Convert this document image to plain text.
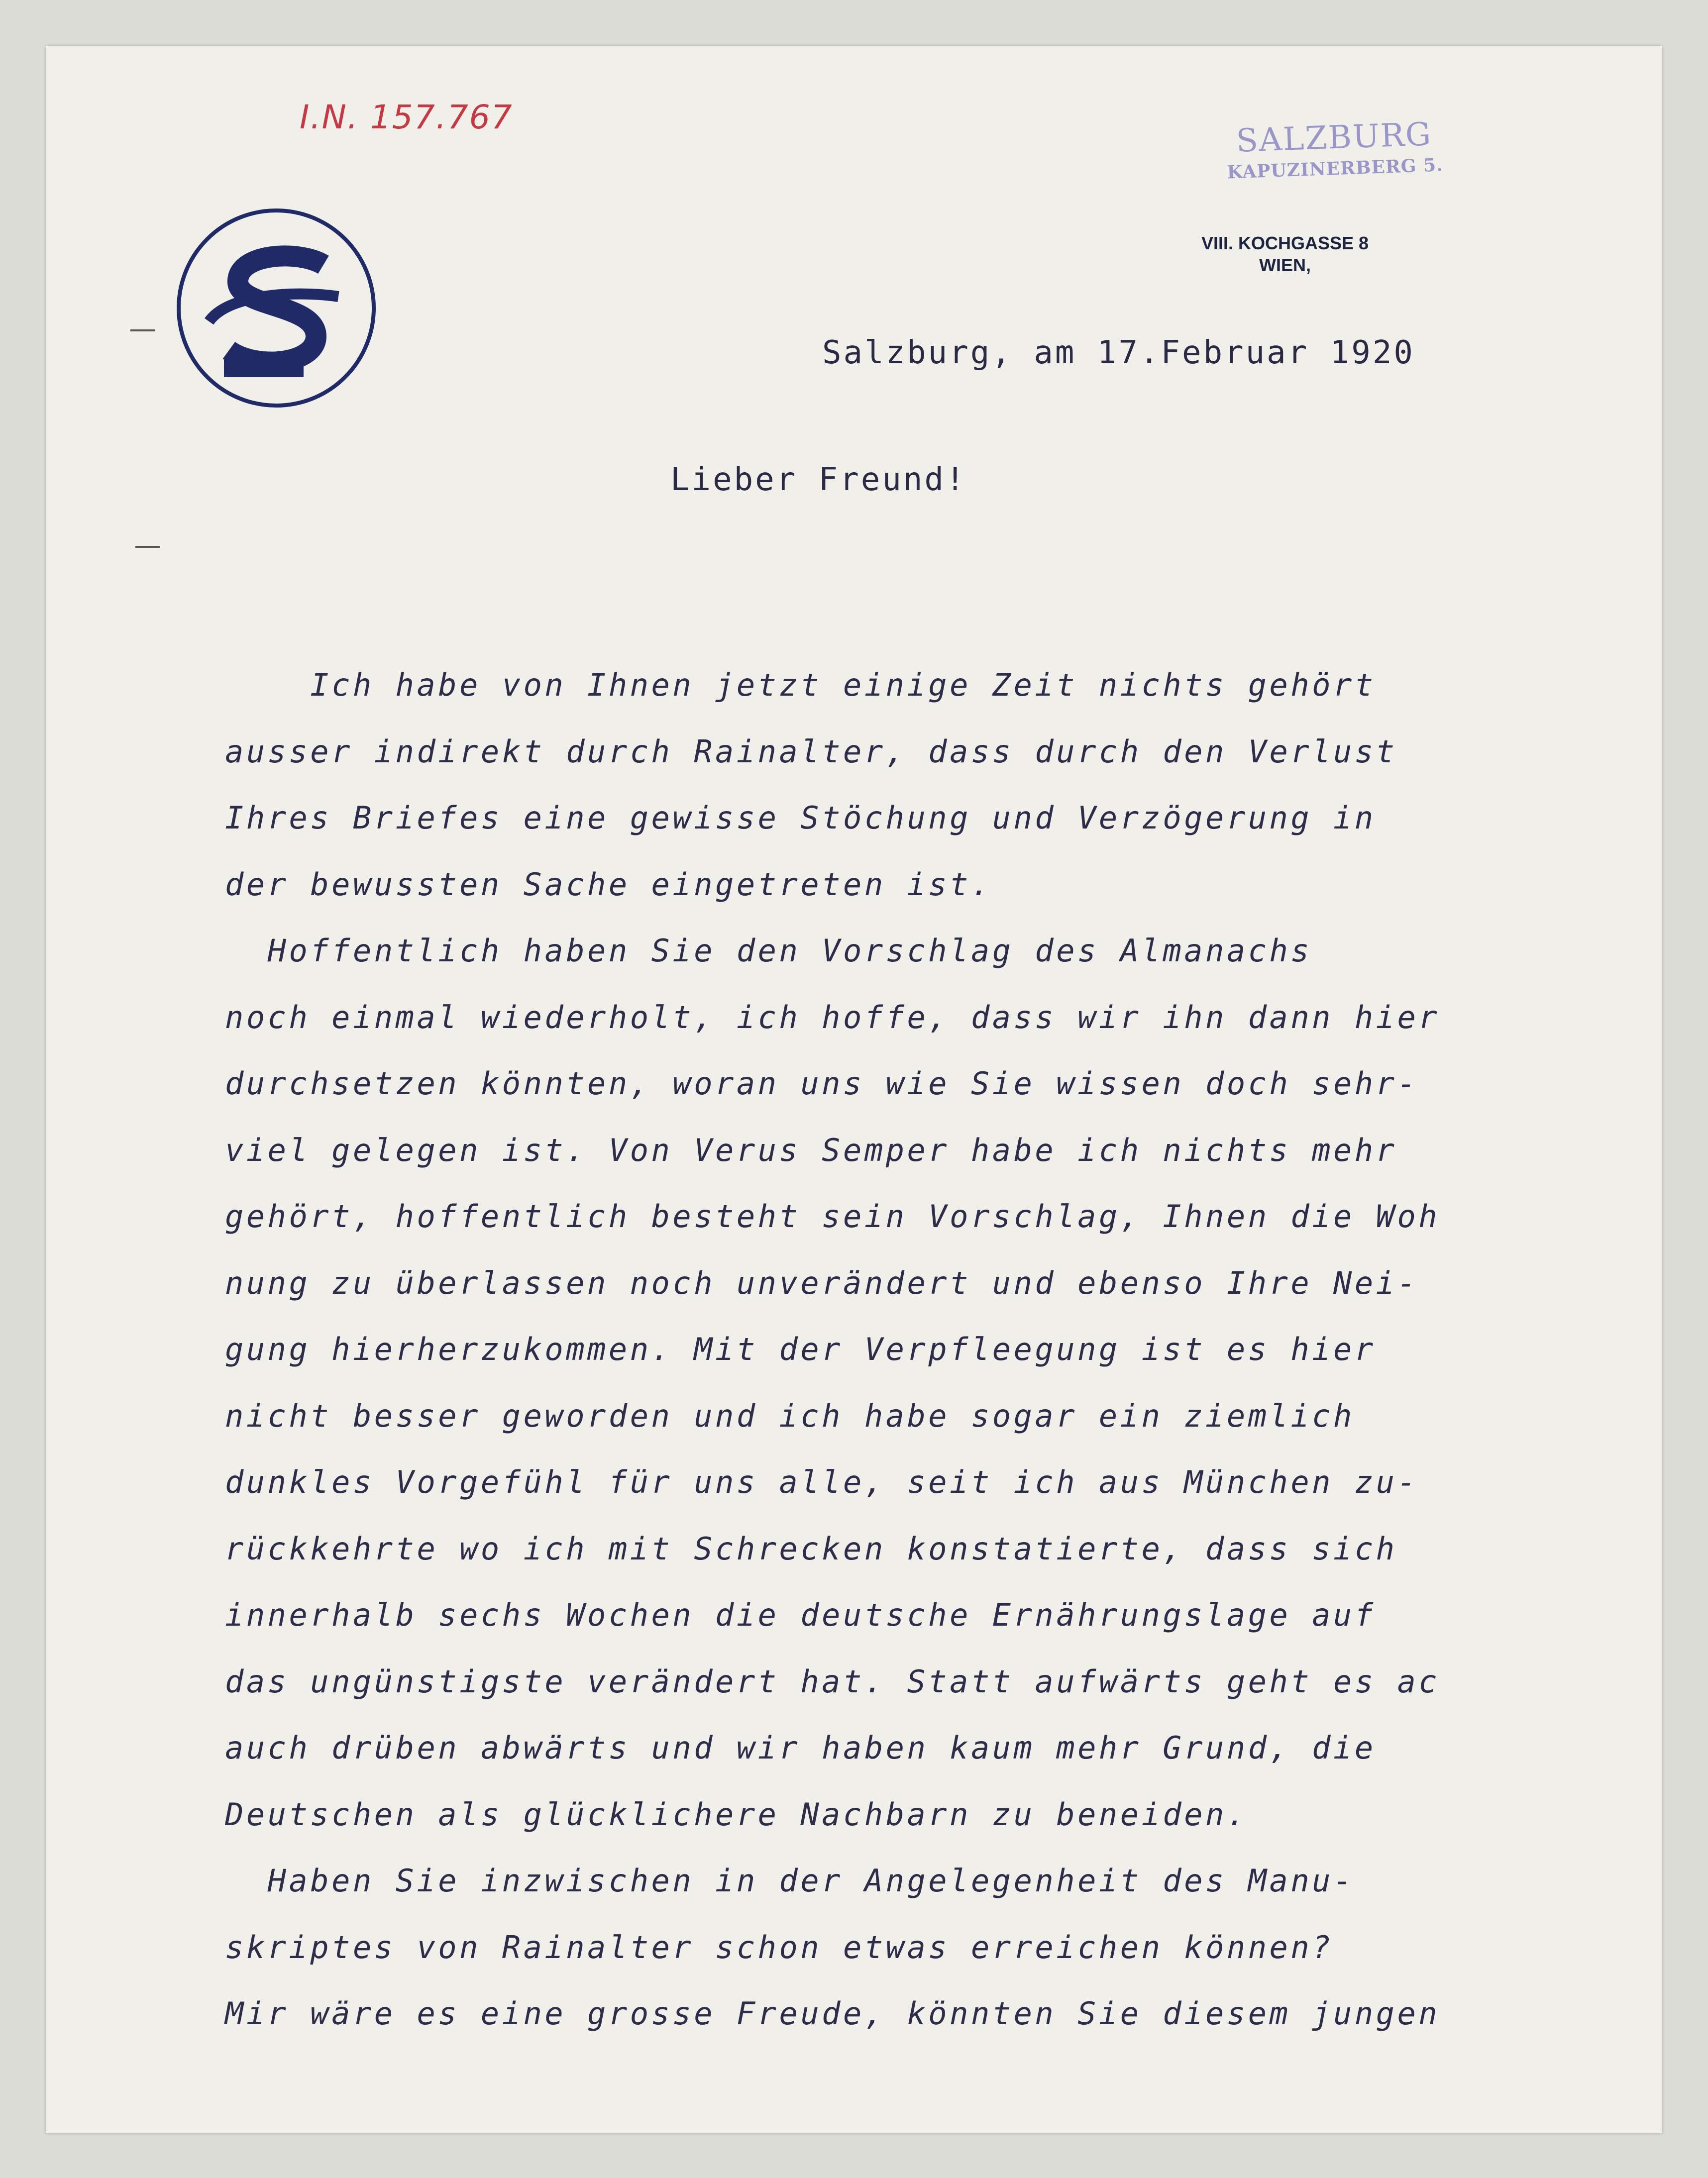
I.N. 157.767	SALZBURG
KAPUZINERBERG 5.
VIII. KOCHGASSE 8
WIEN,
Salzburg, am 17.Februar 1920
Lieber Freund!
Ich habe von Ihnen jetzt einige Zeit nichts gehört
ausser indirekt durch Rainalter, dass durch den Verlust
Ihres Briefes eine gewisse Stöchung und Verzögerung in
der bewussten Sache eingetreten ist.
Hoffentlich haben Sie den Vorschlag des Almanachs
noch einmal wiederholt, ich hoffe, dass wir ihn dann hier
durchsetzen könnten, woran uns wie Sie wissen doch sehr-
viel gelegen ist. Von Verus Semper habe ich nichts mehr
gehört, hoffentlich besteht sein Vorschlag, Ihnen die Woh
nung zu überlassen noch unverändert und ebenso Ihre Nei-
gung hierherzukommen. Mit der Verpfleegung ist es hier
nicht besser geworden und ich habe sogar ein ziemlich
dunkles Vorgefühl für uns alle, seit ich aus München zu-
rückkehrte wo ich mit Schrecken konstatierte, dass sich
innerhalb sechs Wochen die deutsche Ernährungslage auf
das ungünstigste verändert hat. Statt aufwärts geht es ac
auch drüben abwärts und wir haben kaum mehr Grund, die
Deutschen als glücklichere Nachbarn zu beneiden.
Haben Sie inzwischen in der Angelegenheit des Manu-
skriptes von Rainalter schon etwas erreichen können?
Mir wäre es eine grosse Freude, könnten Sie diesem jungen
